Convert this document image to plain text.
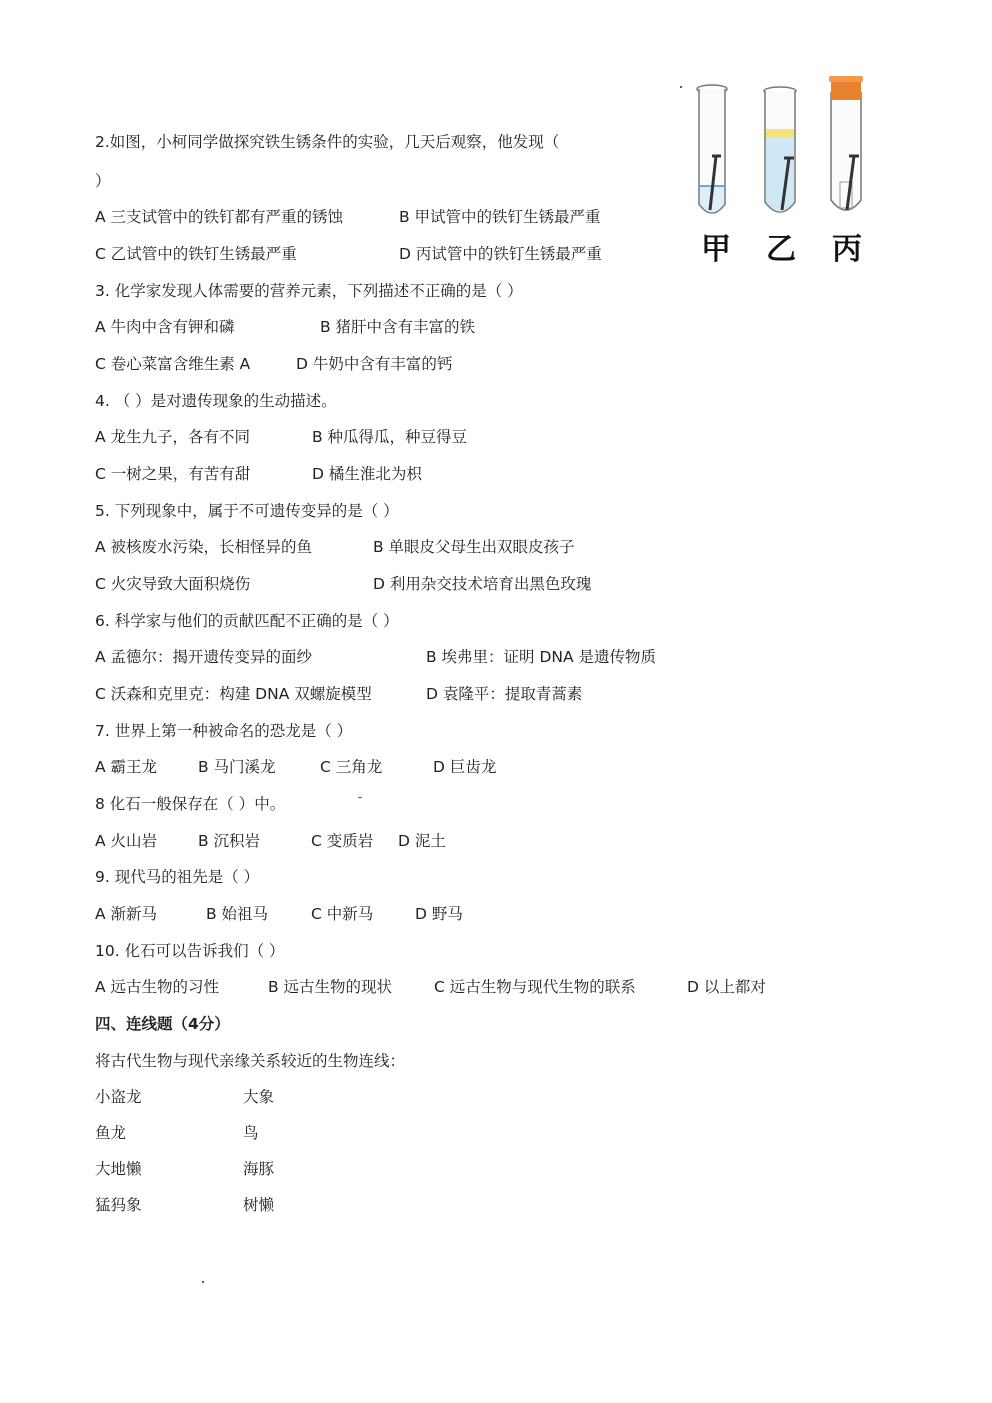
2.如图，小柯同学做探究铁生锈条件的实验，几天后观察，他发现（
）
A 三支试管中的铁钉都有严重的锈蚀	B 甲试管中的铁钉生锈最严重
C 乙试管中的铁钉生锈最严重	D 丙试管中的铁钉生锈最严重	甲 乙 丙
3. 化学家发现人体需要的营养元素，下列描述不正确的是（ ）
A 牛肉中含有钾和磷	B 猪肝中含有丰富的铁
C 卷心菜富含维生素 A	D 牛奶中含有丰富的钙
4. （ ）是对遗传现象的生动描述。
A 龙生九子，各有不同	B 种瓜得瓜，种豆得豆
C 一树之果，有苦有甜	D 橘生淮北为枳
5. 下列现象中，属于不可遗传变异的是（ ）
A 被核废水污染，长相怪异的鱼	B 单眼皮父母生出双眼皮孩子
C 火灾导致大面积烧伤	D 利用杂交技术培育出黑色玫瑰
6. 科学家与他们的贡献匹配不正确的是（ ）
A 孟德尔：揭开遗传变异的面纱	B 埃弗里：证明 DNA 是遗传物质
C 沃森和克里克：构建 DNA 双螺旋模型	D 袁隆平：提取青蒿素
7. 世界上第一种被命名的恐龙是（ ）
A 霸王龙	B 马门溪龙	C 三角龙	D 巨齿龙
8 化石一般保存在（ ）中。
A 火山岩	B 沉积岩	C 变质岩 D 泥土
9. 现代马的祖先是（ ）
A 渐新马	B 始祖马	C 中新马	D 野马
10. 化石可以告诉我们（ ）
A 远古生物的习性	B 远古生物的现状	C 远古生物与现代生物的联系	D 以上都对
四、连线题（4分）
将古代生物与现代亲缘关系较近的生物连线：
小盗龙	大象
鱼龙	鸟
大地懒	海豚
猛犸象	树懒
